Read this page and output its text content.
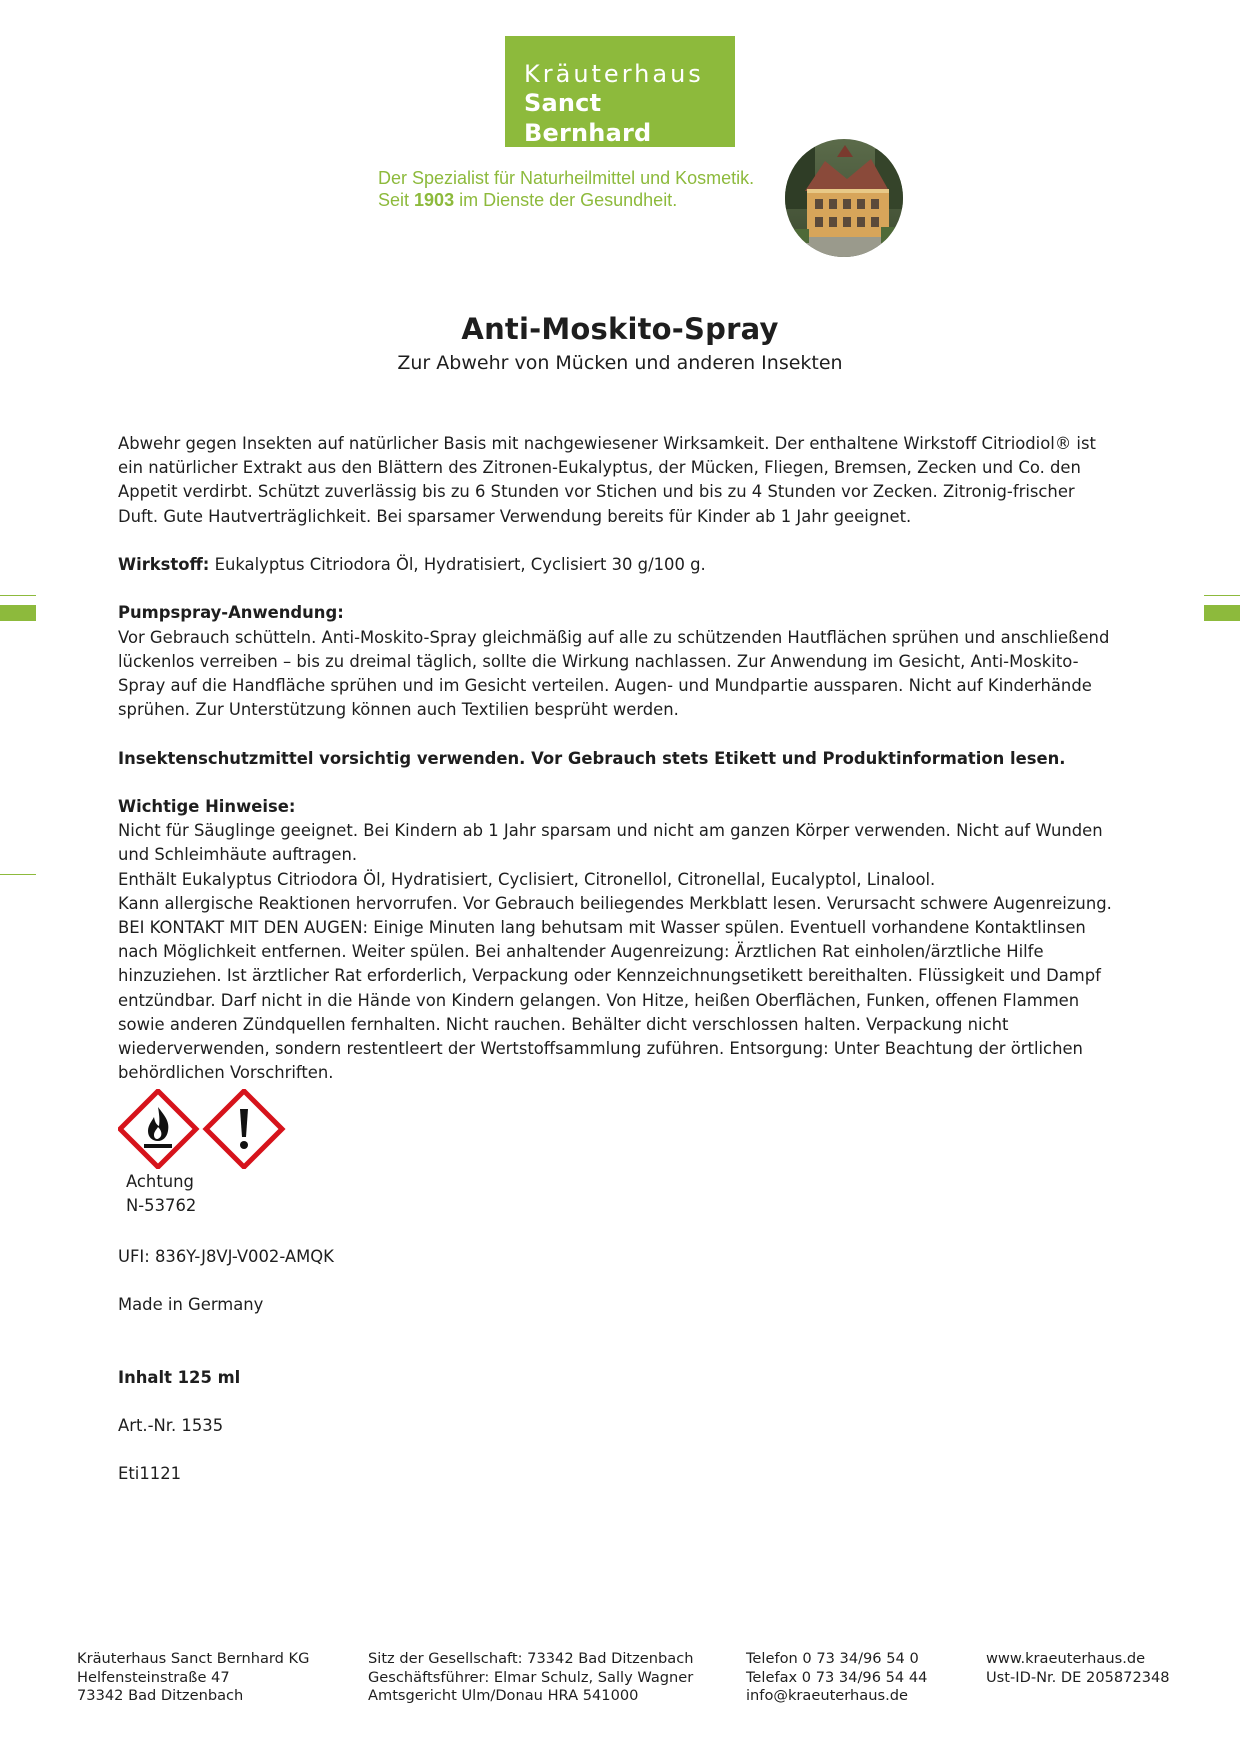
Kräuterhaus
Sanct Bernhard
Der Spezialist für Naturheilmittel und Kosmetik.
Seit 1903 im Dienste der Gesundheit.
Anti-Moskito-Spray
Zur Abwehr von Mücken und anderen Insekten

Abwehr gegen Insekten auf natürlicher Basis mit nachgewiesener Wirksamkeit. Der enthaltene Wirkstoff Citriodiol® ist ein natürlicher Extrakt aus den Blättern des Zitronen-Eukalyptus, der Mücken, Fliegen, Bremsen, Zecken und Co. den Appetit verdirbt. Schützt zuverlässig bis zu 6 Stunden vor Stichen und bis zu 4 Stunden vor Zecken. Zitronig-frischer Duft. Gute Hautverträglichkeit. Bei sparsamer Verwendung bereits für Kinder ab 1 Jahr geeignet.

Wirkstoff: Eukalyptus Citriodora Öl, Hydratisiert, Cyclisiert 30 g/100 g.

Pumpspray-Anwendung:
Vor Gebrauch schütteln. Anti-Moskito-Spray gleichmäßig auf alle zu schützenden Hautflächen sprühen und anschließend lückenlos verreiben – bis zu dreimal täglich, sollte die Wirkung nachlassen. Zur Anwendung im Gesicht, Anti-Moskito-Spray auf die Handfläche sprühen und im Gesicht verteilen. Augen- und Mundpartie aussparen. Nicht auf Kinderhände sprühen. Zur Unterstützung können auch Textilien besprüht werden.

Insektenschutzmittel vorsichtig verwenden. Vor Gebrauch stets Etikett und Produktinformation lesen.

Wichtige Hinweise:
Nicht für Säuglinge geeignet. Bei Kindern ab 1 Jahr sparsam und nicht am ganzen Körper verwenden. Nicht auf Wunden und Schleimhäute auftragen.
Enthält Eukalyptus Citriodora Öl, Hydratisiert, Cyclisiert, Citronellol, Citronellal, Eucalyptol, Linalool.
Kann allergische Reaktionen hervorrufen. Vor Gebrauch beiliegendes Merkblatt lesen. Verursacht schwere Augenreizung. BEI KONTAKT MIT DEN AUGEN: Einige Minuten lang behutsam mit Wasser spülen. Eventuell vorhandene Kontaktlinsen nach Möglichkeit entfernen. Weiter spülen. Bei anhaltender Augenreizung: Ärztlichen Rat einholen/ärztliche Hilfe hinzuziehen. Ist ärztlicher Rat erforderlich, Verpackung oder Kennzeichnungsetikett bereithalten. Flüssigkeit und Dampf entzündbar. Darf nicht in die Hände von Kindern gelangen. Von Hitze, heißen Oberflächen, Funken, offenen Flammen sowie anderen Zündquellen fernhalten. Nicht rauchen. Behälter dicht verschlossen halten. Verpackung nicht wiederverwenden, sondern restentleert der Wertstoffsammlung zuführen. Entsorgung: Unter Beachtung der örtlichen behördlichen Vorschriften.

Achtung
N-53762
UFI: 836Y-J8VJ-V002-AMQK
Made in Germany
Inhalt 125 ml
Art.-Nr. 1535
Eti1121
Kräuterhaus Sanct Bernhard KG
Helfensteinstraße 47
73342 Bad Ditzenbach
Sitz der Gesellschaft: 73342 Bad Ditzenbach
Geschäftsführer: Elmar Schulz, Sally Wagner
Amtsgericht Ulm/Donau HRA 541000
Telefon 0 73 34/96 54 0
Telefax 0 73 34/96 54 44
info@kraeuterhaus.de
www.kraeuterhaus.de
Ust-ID-Nr. DE 205872348
